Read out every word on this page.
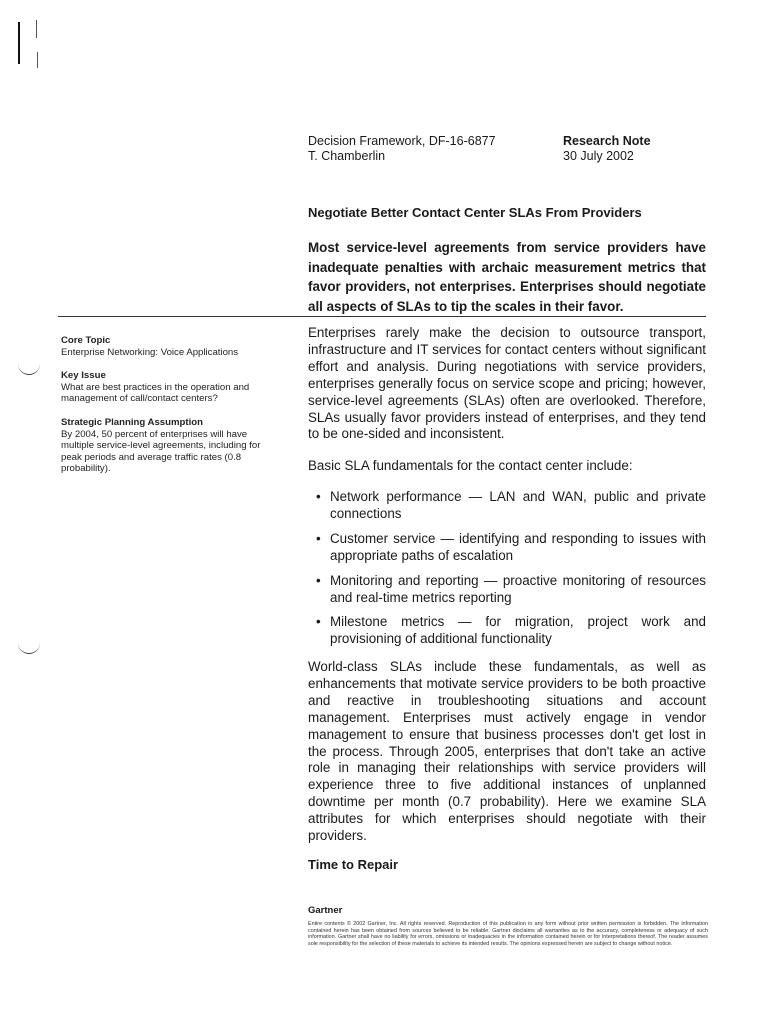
Decision Framework, DF-16-6877
T. Chamberlin
Research Note
30 July 2002
Negotiate Better Contact Center SLAs From Providers
Most service-level agreements from service providers have inadequate penalties with archaic measurement metrics that favor providers, not enterprises. Enterprises should negotiate all aspects of SLAs to tip the scales in their favor.

Core Topic

Enterprise Networking: Voice Applications

Key Issue

What are best practices in the operation and management of call/contact centers?

Strategic Planning Assumption

By 2004, 50 percent of enterprises will have multiple service-level agreements, including for peak periods and average traffic rates (0.8 probability).

Enterprises rarely make the decision to outsource transport, infrastructure and IT services for contact centers without significant effort and analysis. During negotiations with service providers, enterprises generally focus on service scope and pricing; however, service-level agreements (SLAs) often are overlooked. Therefore, SLAs usually favor providers instead of enterprises, and they tend to be one-sided and inconsistent.

Basic SLA fundamentals for the contact center include:

• Network performance — LAN and WAN, public and private connections
• Customer service — identifying and responding to issues with appropriate paths of escalation
• Monitoring and reporting — proactive monitoring of resources and real-time metrics reporting
• Milestone metrics — for migration, project work and provisioning of additional functionality

World-class SLAs include these fundamentals, as well as enhancements that motivate service providers to be both proactive and reactive in troubleshooting situations and account management. Enterprises must actively engage in vendor management to ensure that business processes don't get lost in the process. Through 2005, enterprises that don't take an active role in managing their relationships with service providers will experience three to five additional instances of unplanned downtime per month (0.7 probability). Here we examine SLA attributes for which enterprises should negotiate with their providers.

Time to Repair
Gartner
Entire contents © 2002 Gartner, Inc. All rights reserved. Reproduction of this publication in any form without prior written permission is forbidden. The information contained herein has been obtained from sources believed to be reliable. Gartner disclaims all warranties as to the accuracy, completeness or adequacy of such information. Gartner shall have no liability for errors, omissions or inadequacies in the information contained herein or for interpretations thereof. The reader assumes sole responsibility for the selection of these materials to achieve its intended results. The opinions expressed herein are subject to change without notice.
